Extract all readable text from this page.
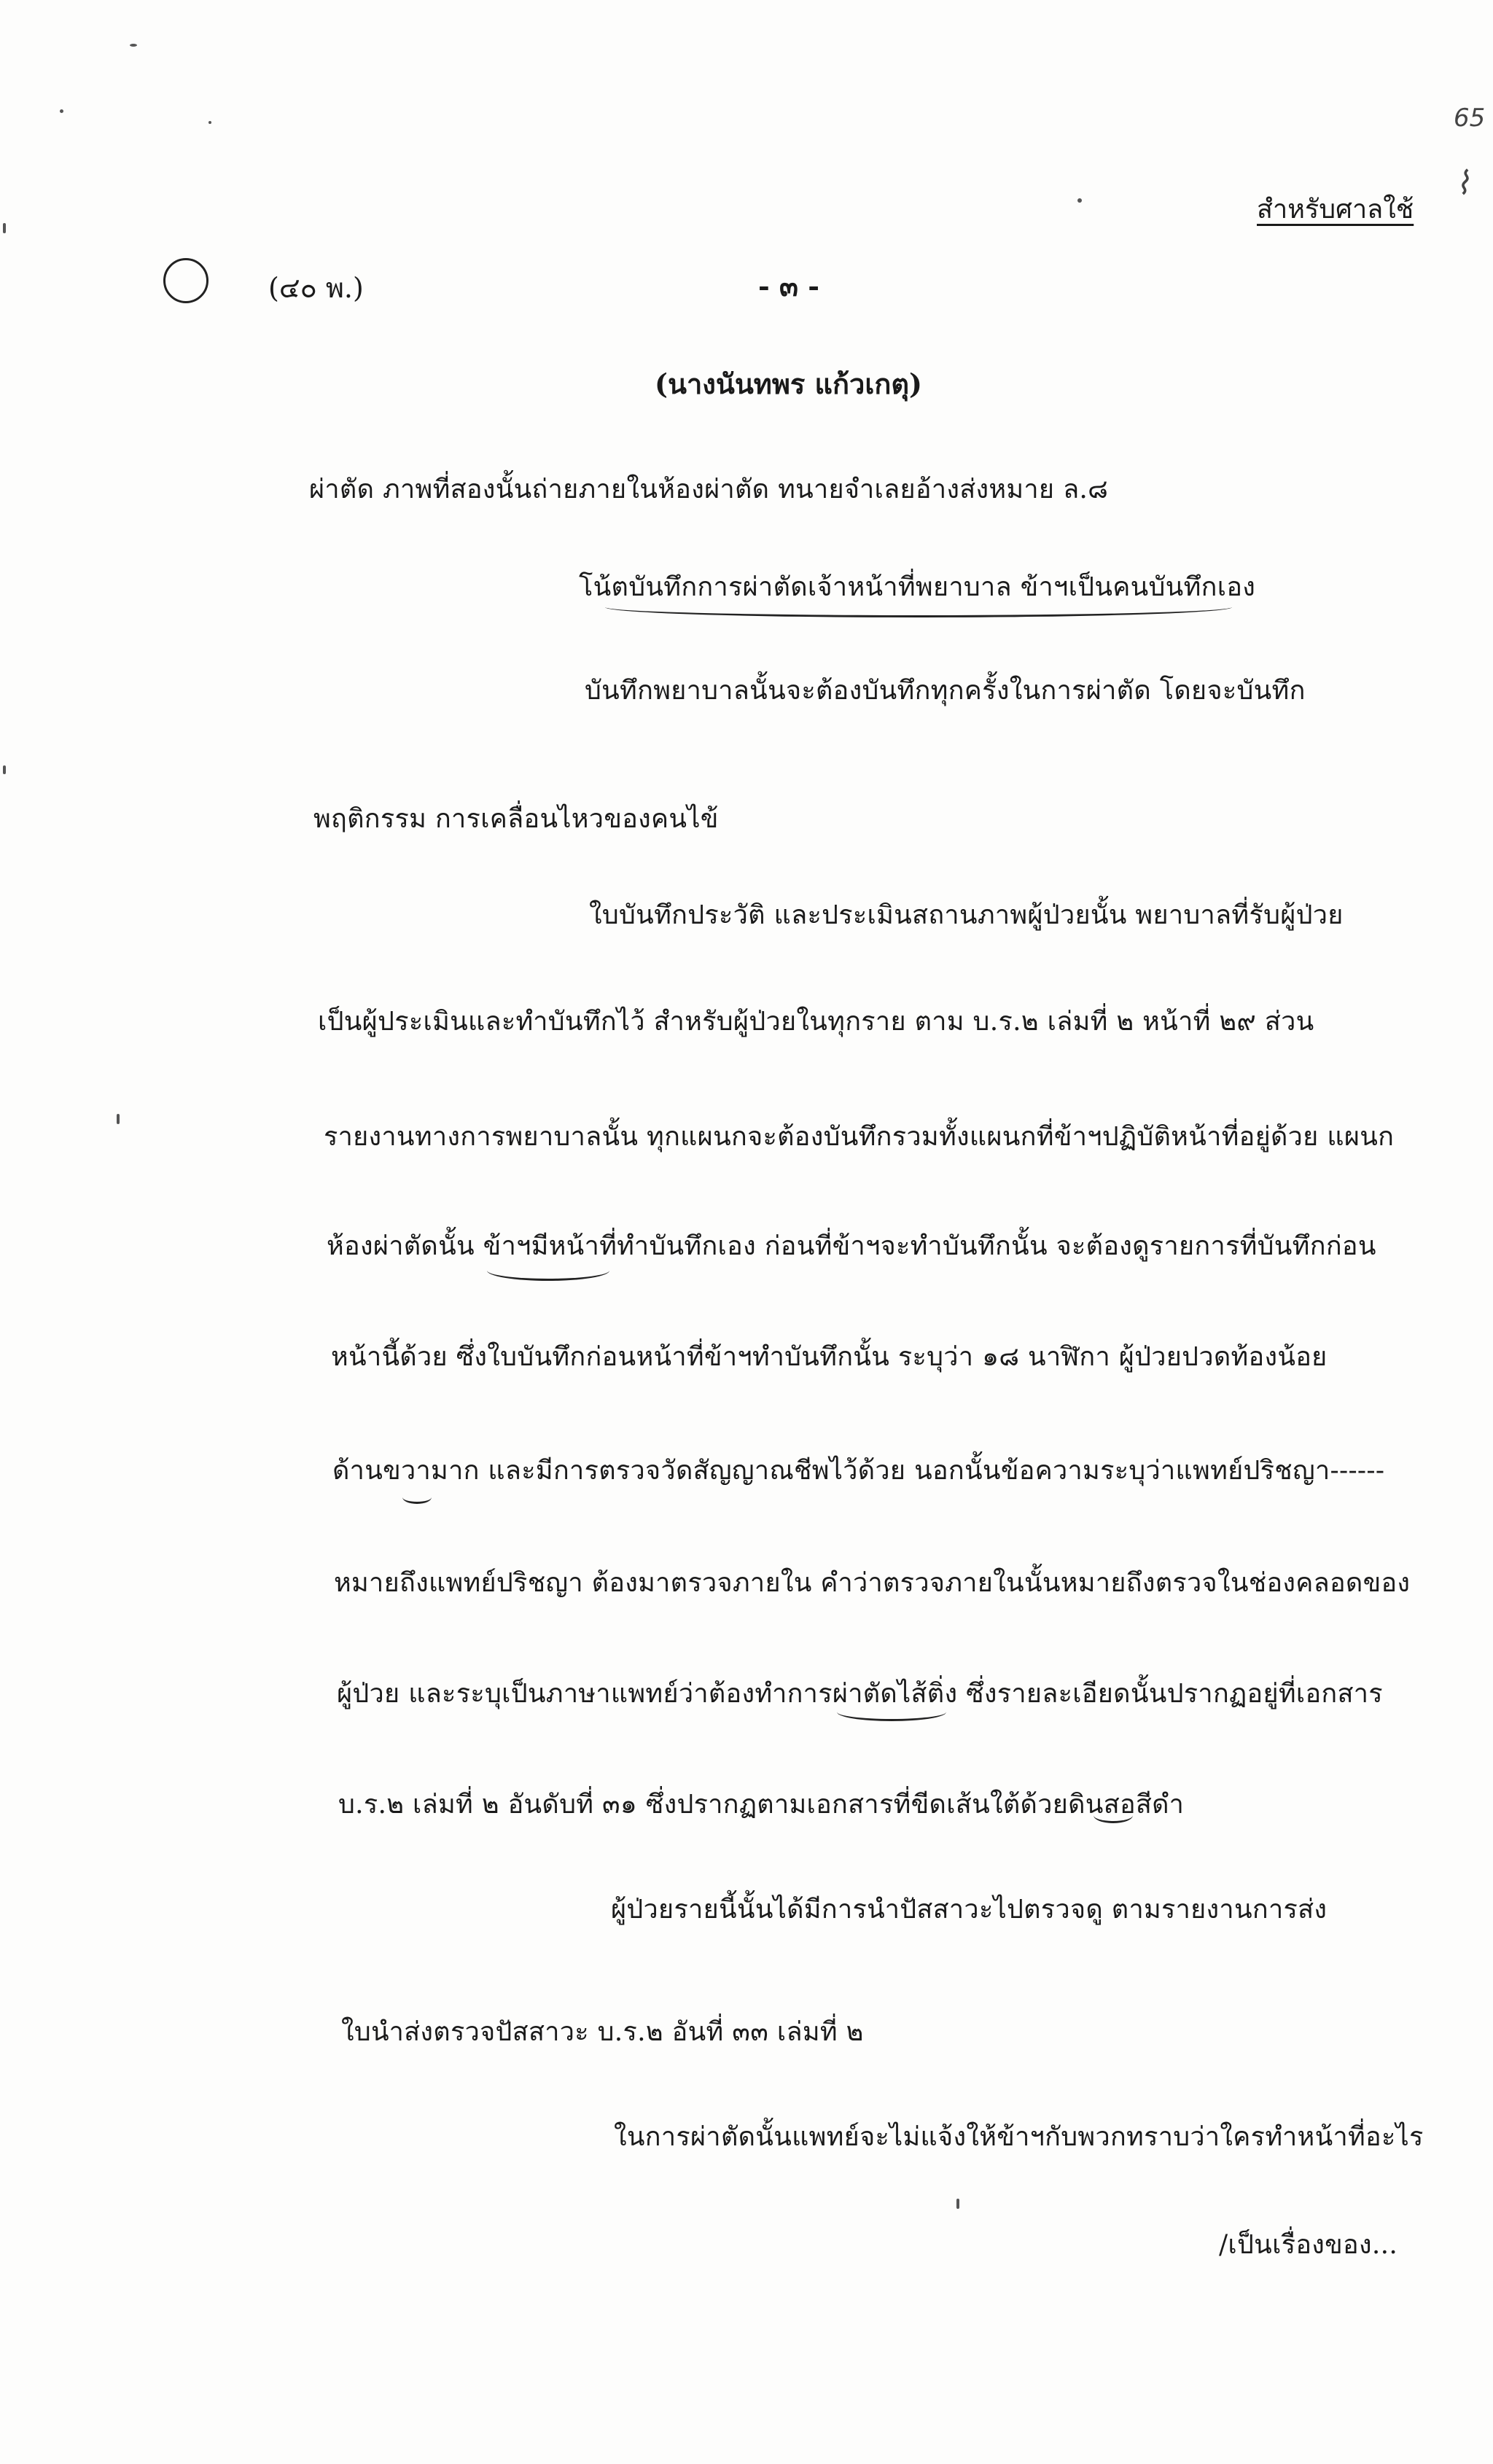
65
⌇
สำหรับศาลใช้
(๔๐ พ.)	- ๓ -
(นางนันทพร แก้วเกตุ)
ผ่าตัด ภาพที่สองนั้นถ่ายภายในห้องผ่าตัด ทนายจำเลยอ้างส่งหมาย ล.๘
โน้ตบันทึกการผ่าตัดเจ้าหน้าที่พยาบาล ข้าฯเป็นคนบันทึกเอง
บันทึกพยาบาลนั้นจะต้องบันทึกทุกครั้งในการผ่าตัด โดยจะบันทึก
พฤติกรรม การเคลื่อนไหวของคนไข้
ใบบันทึกประวัติ และประเมินสถานภาพผู้ป่วยนั้น พยาบาลที่รับผู้ป่วย
เป็นผู้ประเมินและทำบันทึกไว้ สำหรับผู้ป่วยในทุกราย ตาม บ.ร.๒ เล่มที่ ๒ หน้าที่ ๒๙ ส่วน
รายงานทางการพยาบาลนั้น ทุกแผนกจะต้องบันทึกรวมทั้งแผนกที่ข้าฯปฏิบัติหน้าที่อยู่ด้วย แผนก
ห้องผ่าตัดนั้น ข้าฯมีหน้าที่ทำบันทึกเอง ก่อนที่ข้าฯจะทำบันทึกนั้น จะต้องดูรายการที่บันทึกก่อน
หน้านี้ด้วย ซึ่งใบบันทึกก่อนหน้าที่ข้าฯทำบันทึกนั้น ระบุว่า ๑๘ นาฬิกา ผู้ป่วยปวดท้องน้อย
ด้านขวามาก และมีการตรวจวัดสัญญาณชีพไว้ด้วย นอกนั้นข้อความระบุว่าแพทย์ปริชญา------
หมายถึงแพทย์ปริชญา ต้องมาตรวจภายใน คำว่าตรวจภายในนั้นหมายถึงตรวจในช่องคลอดของ
ผู้ป่วย และระบุเป็นภาษาแพทย์ว่าต้องทำการผ่าตัดไส้ติ่ง ซึ่งรายละเอียดนั้นปรากฏอยู่ที่เอกสาร
บ.ร.๒ เล่มที่ ๒ อันดับที่ ๓๑ ซึ่งปรากฏตามเอกสารที่ขีดเส้นใต้ด้วยดินสอสีดำ
ผู้ป่วยรายนี้นั้นได้มีการนำปัสสาวะไปตรวจดู ตามรายงานการส่ง
ใบนำส่งตรวจปัสสาวะ บ.ร.๒ อันที่ ๓๓ เล่มที่ ๒
ในการผ่าตัดนั้นแพทย์จะไม่แจ้งให้ข้าฯกับพวกทราบว่าใครทำหน้าที่อะไร
/เป็นเรื่องของ...
